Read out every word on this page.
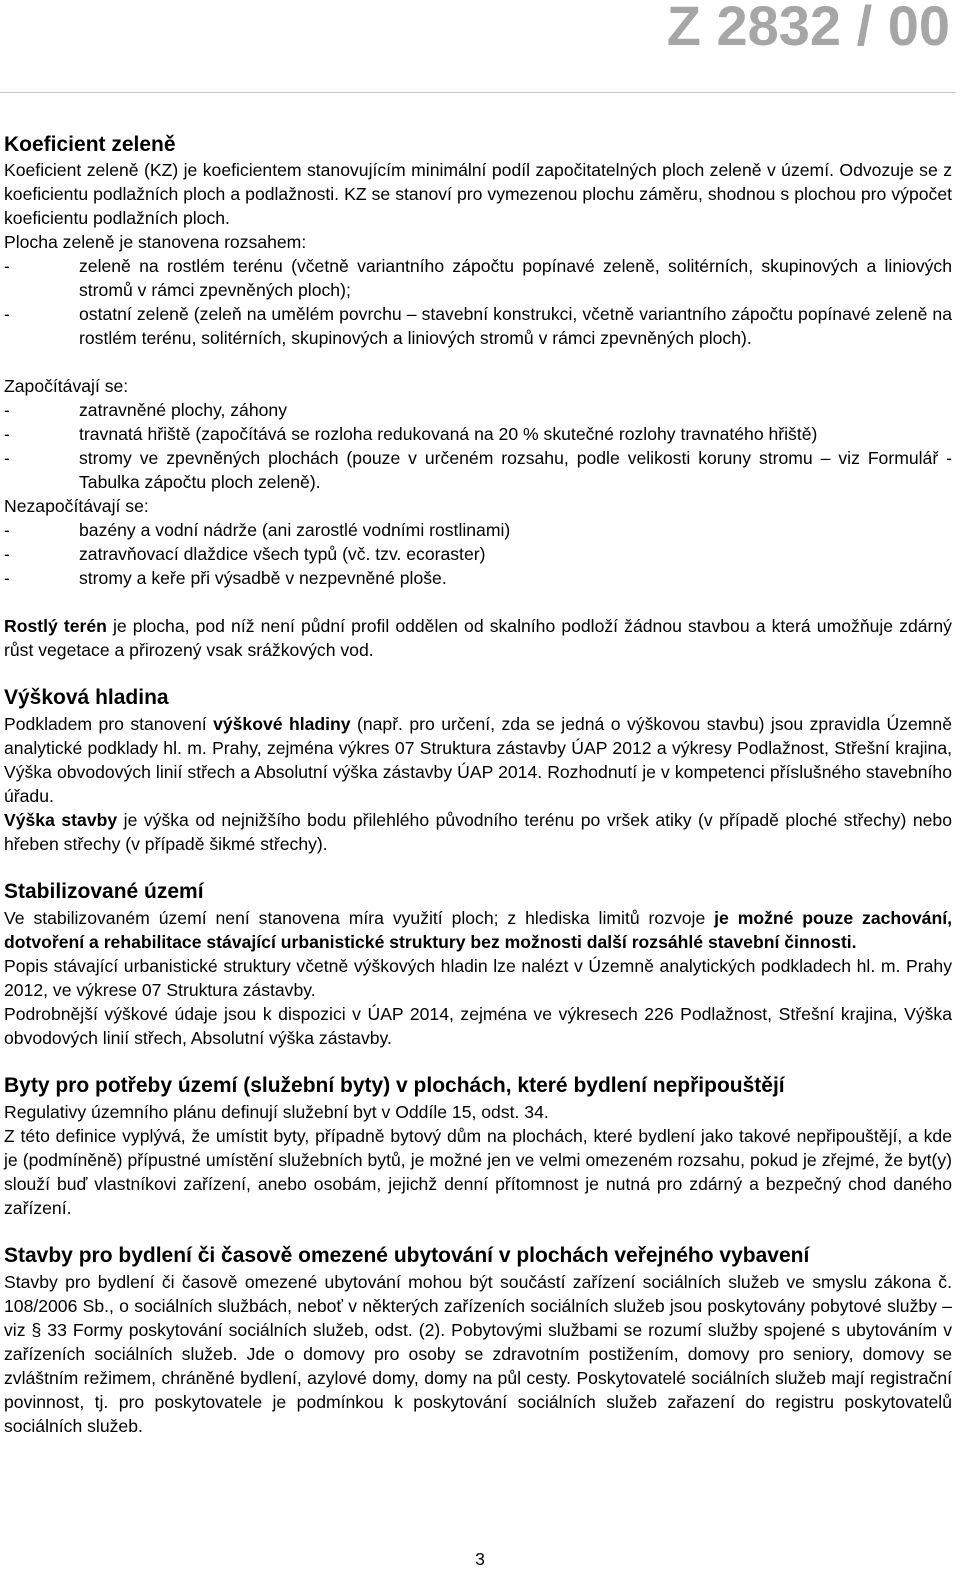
Z 2832 / 00
Koeficient zeleně

Koeficient zeleně (KZ) je koeficientem stanovujícím minimální podíl započitatelných ploch zeleně v území. Odvozuje se z koeficientu podlažních ploch a podlažnosti. KZ se stanoví pro vymezenou plochu záměru, shodnou s plochou pro výpočet koeficientu podlažních ploch.

Plocha zeleně je stanovena rozsahem:

- zeleně na rostlém terénu (včetně variantního zápočtu popínavé zeleně, solitérních, skupinových a liniových stromů v rámci zpevněných ploch);
- ostatní zeleně (zeleň na umělém povrchu – stavební konstrukci, včetně variantního zápočtu popínavé zeleně na rostlém terénu, solitérních, skupinových a liniových stromů v rámci zpevněných ploch).

Započítávají se:

- zatravněné plochy, záhony
- travnatá hřiště (započítává se rozloha redukovaná na 20 % skutečné rozlohy travnatého hřiště)
- stromy ve zpevněných plochách (pouze v určeném rozsahu, podle velikosti koruny stromu – viz Formulář - Tabulka zápočtu ploch zeleně).

Nezapočítávají se:

- bazény a vodní nádrže (ani zarostlé vodními rostlinami)
- zatravňovací dlaždice všech typů (vč. tzv. ecoraster)
- stromy a keře při výsadbě v nezpevněné ploše.

Rostlý terén je plocha, pod níž není půdní profil oddělen od skalního podloží žádnou stavbou a která umožňuje zdárný růst vegetace a přirozený vsak srážkových vod.

Výšková hladina

Podkladem pro stanovení výškové hladiny (např. pro určení, zda se jedná o výškovou stavbu) jsou zpravidla Územně analytické podklady hl. m. Prahy, zejména výkres 07 Struktura zástavby ÚAP 2012 a výkresy Podlažnost, Střešní krajina, Výška obvodových linií střech a Absolutní výška zástavby ÚAP 2014. Rozhodnutí je v kompetenci příslušného stavebního úřadu.

Výška stavby je výška od nejnižšího bodu přilehlého původního terénu po vršek atiky (v případě ploché střechy) nebo hřeben střechy (v případě šikmé střechy).

Stabilizované území

Ve stabilizovaném území není stanovena míra využití ploch; z hlediska limitů rozvoje je možné pouze zachování, dotvoření a rehabilitace stávající urbanistické struktury bez možnosti další rozsáhlé stavební činnosti.

Popis stávající urbanistické struktury včetně výškových hladin lze nalézt v Územně analytických podkladech hl. m. Prahy 2012, ve výkrese 07 Struktura zástavby.

Podrobnější výškové údaje jsou k dispozici v ÚAP 2014, zejména ve výkresech 226 Podlažnost, Střešní krajina, Výška obvodových linií střech, Absolutní výška zástavby.

Byty pro potřeby území (služební byty) v plochách, které bydlení nepřipouštějí

Regulativy územního plánu definují služební byt v Oddíle 15, odst. 34.

Z této definice vyplývá, že umístit byty, případně bytový dům na plochách, které bydlení jako takové nepřipouštějí, a kde je (podmíněně) přípustné umístění služebních bytů, je možné jen ve velmi omezeném rozsahu, pokud je zřejmé, že byt(y) slouží buď vlastníkovi zařízení, anebo osobám, jejichž denní přítomnost je nutná pro zdárný a bezpečný chod daného zařízení.

Stavby pro bydlení či časově omezené ubytování v plochách veřejného vybavení

Stavby pro bydlení či časově omezené ubytování mohou být součástí zařízení sociálních služeb ve smyslu zákona č. 108/2006 Sb., o sociálních službách, neboť v některých zařízeních sociálních služeb jsou poskytovány pobytové služby – viz § 33 Formy poskytování sociálních služeb, odst. (2). Pobytovými službami se rozumí služby spojené s ubytováním v zařízeních sociálních služeb. Jde o domovy pro osoby se zdravotním postižením, domovy pro seniory, domovy se zvláštním režimem, chráněné bydlení, azylové domy, domy na půl cesty. Poskytovatelé sociálních služeb mají registrační povinnost, tj. pro poskytovatele je podmínkou k poskytování sociálních služeb zařazení do registru poskytovatelů sociálních služeb.

3
